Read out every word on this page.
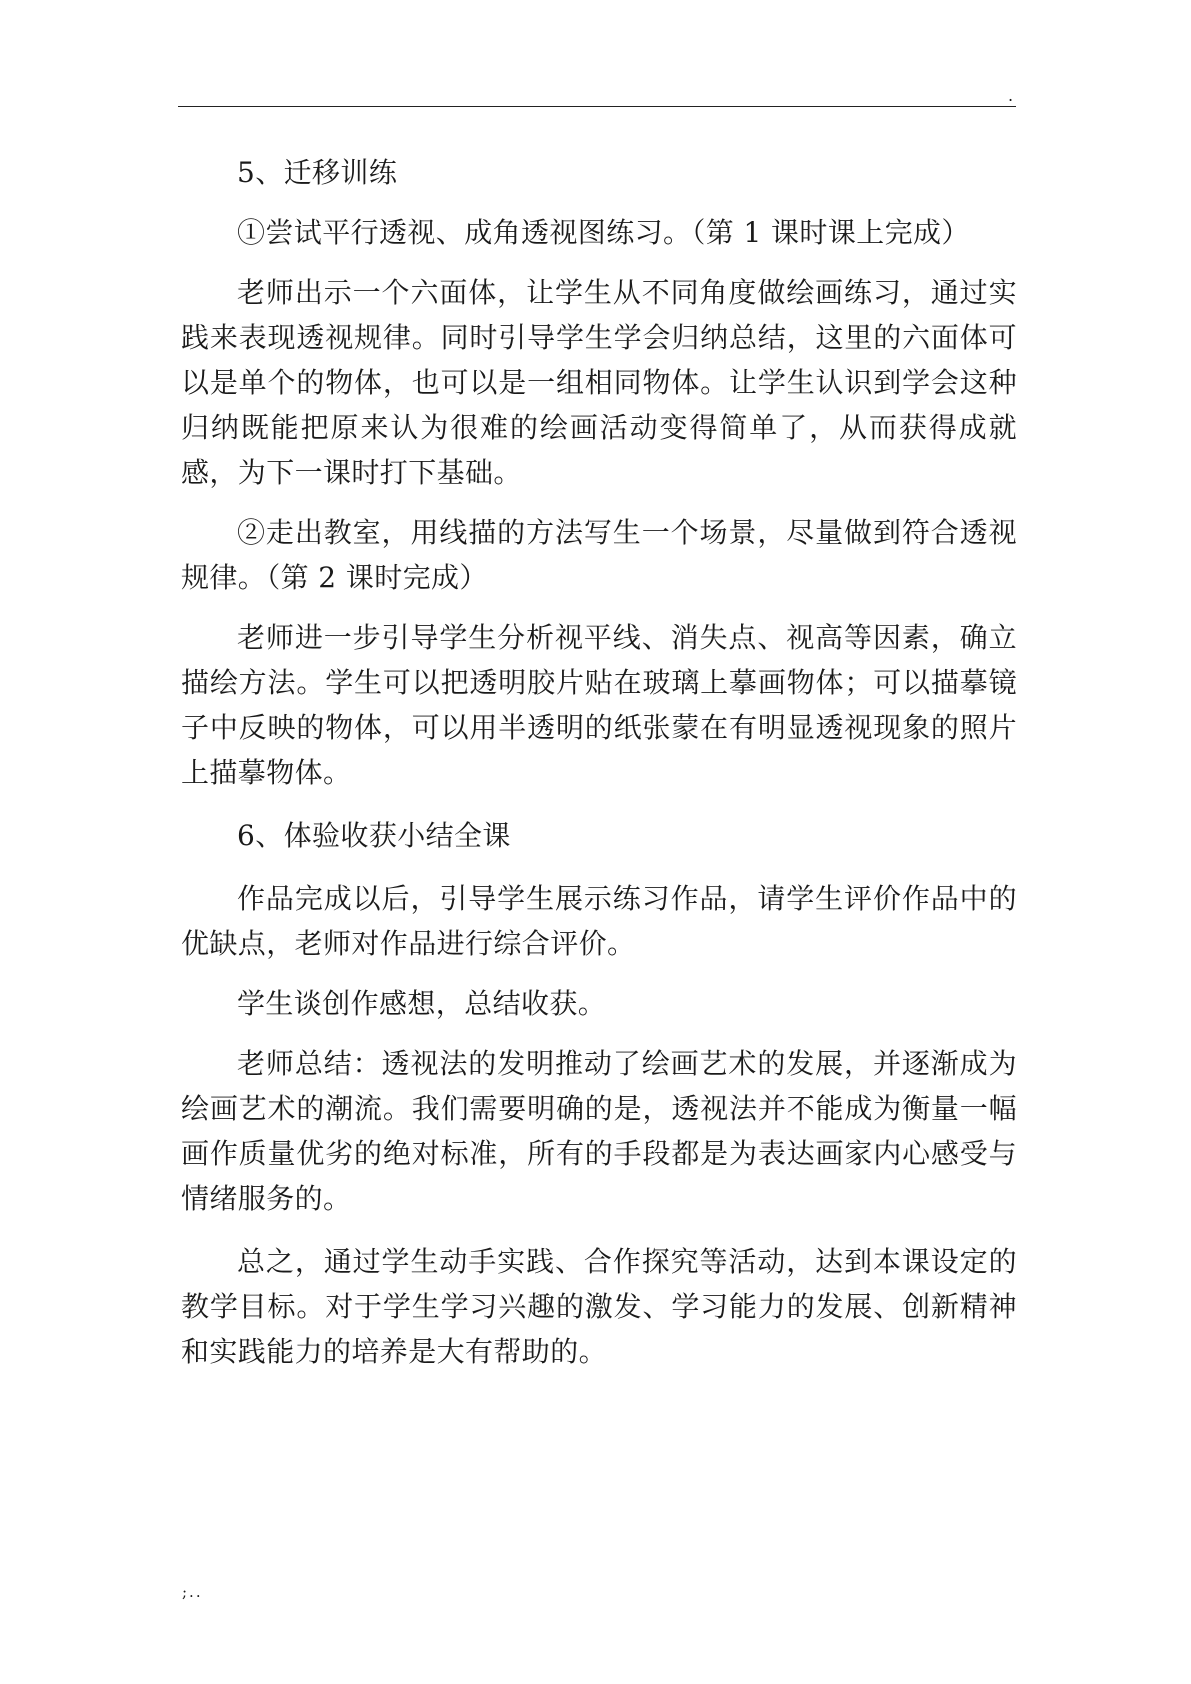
.

5、迁移训练

①尝试平行透视、成角透视图练习。（第 1 课时课上完成）

老师出示一个六面体，让学生从不同角度做绘画练习，通过实践来表现透视规律。同时引导学生学会归纳总结，这里的六面体可以是单个的物体，也可以是一组相同物体。让学生认识到学会这种归纳既能把原来认为很难的绘画活动变得简单了，从而获得成就感，为下一课时打下基础。

②走出教室，用线描的方法写生一个场景，尽量做到符合透视规律。（第 2 课时完成）

老师进一步引导学生分析视平线、消失点、视高等因素，确立描绘方法。学生可以把透明胶片贴在玻璃上摹画物体；可以描摹镜子中反映的物体，可以用半透明的纸张蒙在有明显透视现象的照片上描摹物体。

6、体验收获小结全课

作品完成以后，引导学生展示练习作品，请学生评价作品中的优缺点，老师对作品进行综合评价。

学生谈创作感想，总结收获。

老师总结：透视法的发明推动了绘画艺术的发展，并逐渐成为绘画艺术的潮流。我们需要明确的是，透视法并不能成为衡量一幅画作质量优劣的绝对标准，所有的手段都是为表达画家内心感受与情绪服务的。

总之，通过学生动手实践、合作探究等活动，达到本课设定的教学目标。对于学生学习兴趣的激发、学习能力的发展、创新精神和实践能力的培养是大有帮助的。

;..
